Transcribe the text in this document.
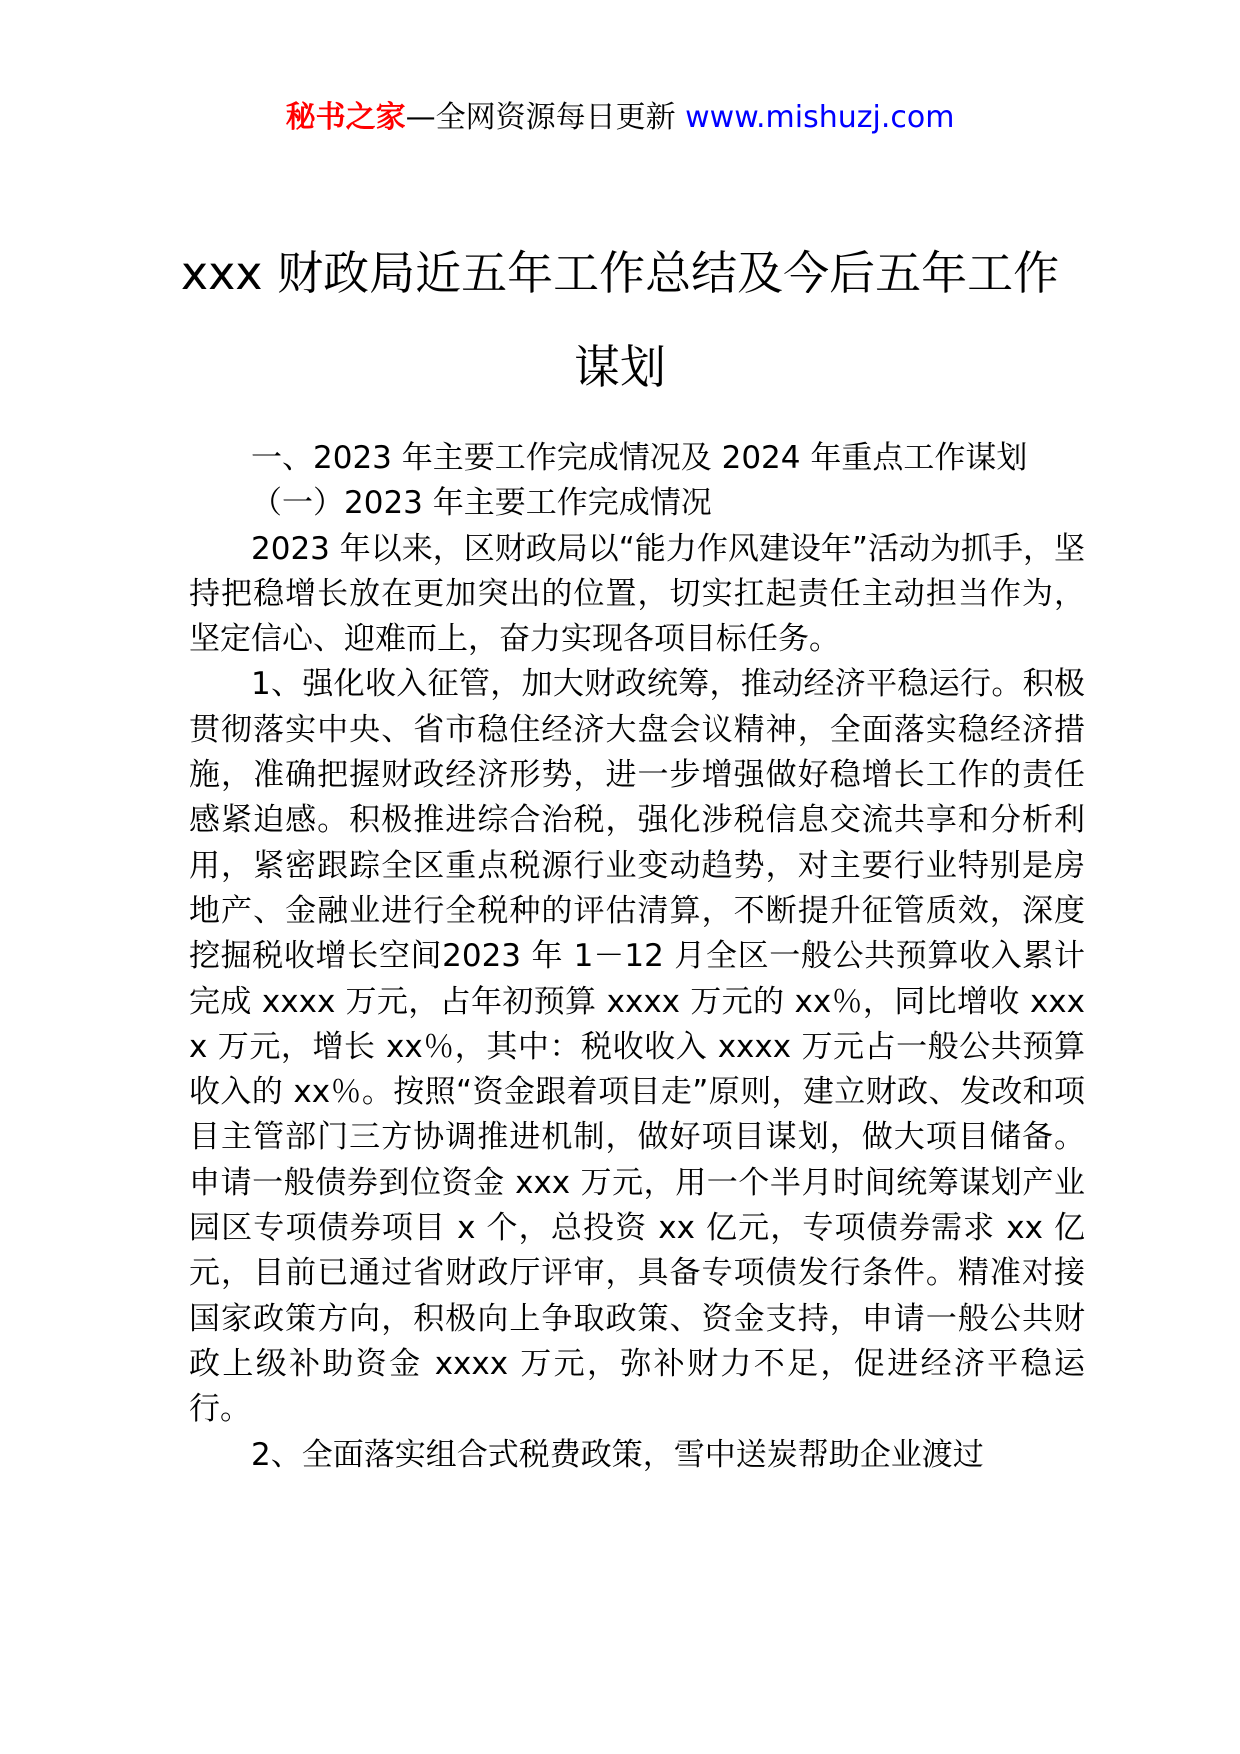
秘书之家—全网资源每日更新 www.mishuzj.com
xxx 财政局近五年工作总结及今后五年工作
谋划

一、2023 年主要工作完成情况及 2024 年重点工作谋划

（一）2023 年主要工作完成情况

2023 年以来，区财政局以“能力作风建设年”活动为抓手，坚持把稳增长放在更加突出的位置，切实扛起责任主动担当作为，坚定信心、迎难而上，奋力实现各项目标任务。

1、强化收入征管，加大财政统筹，推动经济平稳运行。积极贯彻落实中央、省市稳住经济大盘会议精神，全面落实稳经济措施，准确把握财政经济形势，进一步增强做好稳增长工作的责任感紧迫感。积极推进综合治税，强化涉税信息交流共享和分析利用，紧密跟踪全区重点税源行业变动趋势，对主要行业特别是房地产、金融业进行全税种的评估清算，不断提升征管质效，深度挖掘税收增长空间2023 年 1－12 月全区一般公共预算收入累计完成 xxxx 万元，占年初预算 xxxx 万元的 xx％，同比增收 xxxx 万元，增长 xx％，其中：税收收入 xxxx 万元占一般公共预算收入的 xx％。按照“资金跟着项目走”原则，建立财政、发改和项目主管部门三方协调推进机制，做好项目谋划，做大项目储备。申请一般债券到位资金 xxx 万元，用一个半月时间统筹谋划产业园区专项债券项目 x 个，总投资 xx 亿元，专项债券需求 xx 亿元，目前已通过省财政厅评审，具备专项债发行条件。精准对接国家政策方向，积极向上争取政策、资金支持，申请一般公共财政上级补助资金 xxxx 万元，弥补财力不足，促进经济平稳运行。

2、全面落实组合式税费政策，雪中送炭帮助企业渡过
